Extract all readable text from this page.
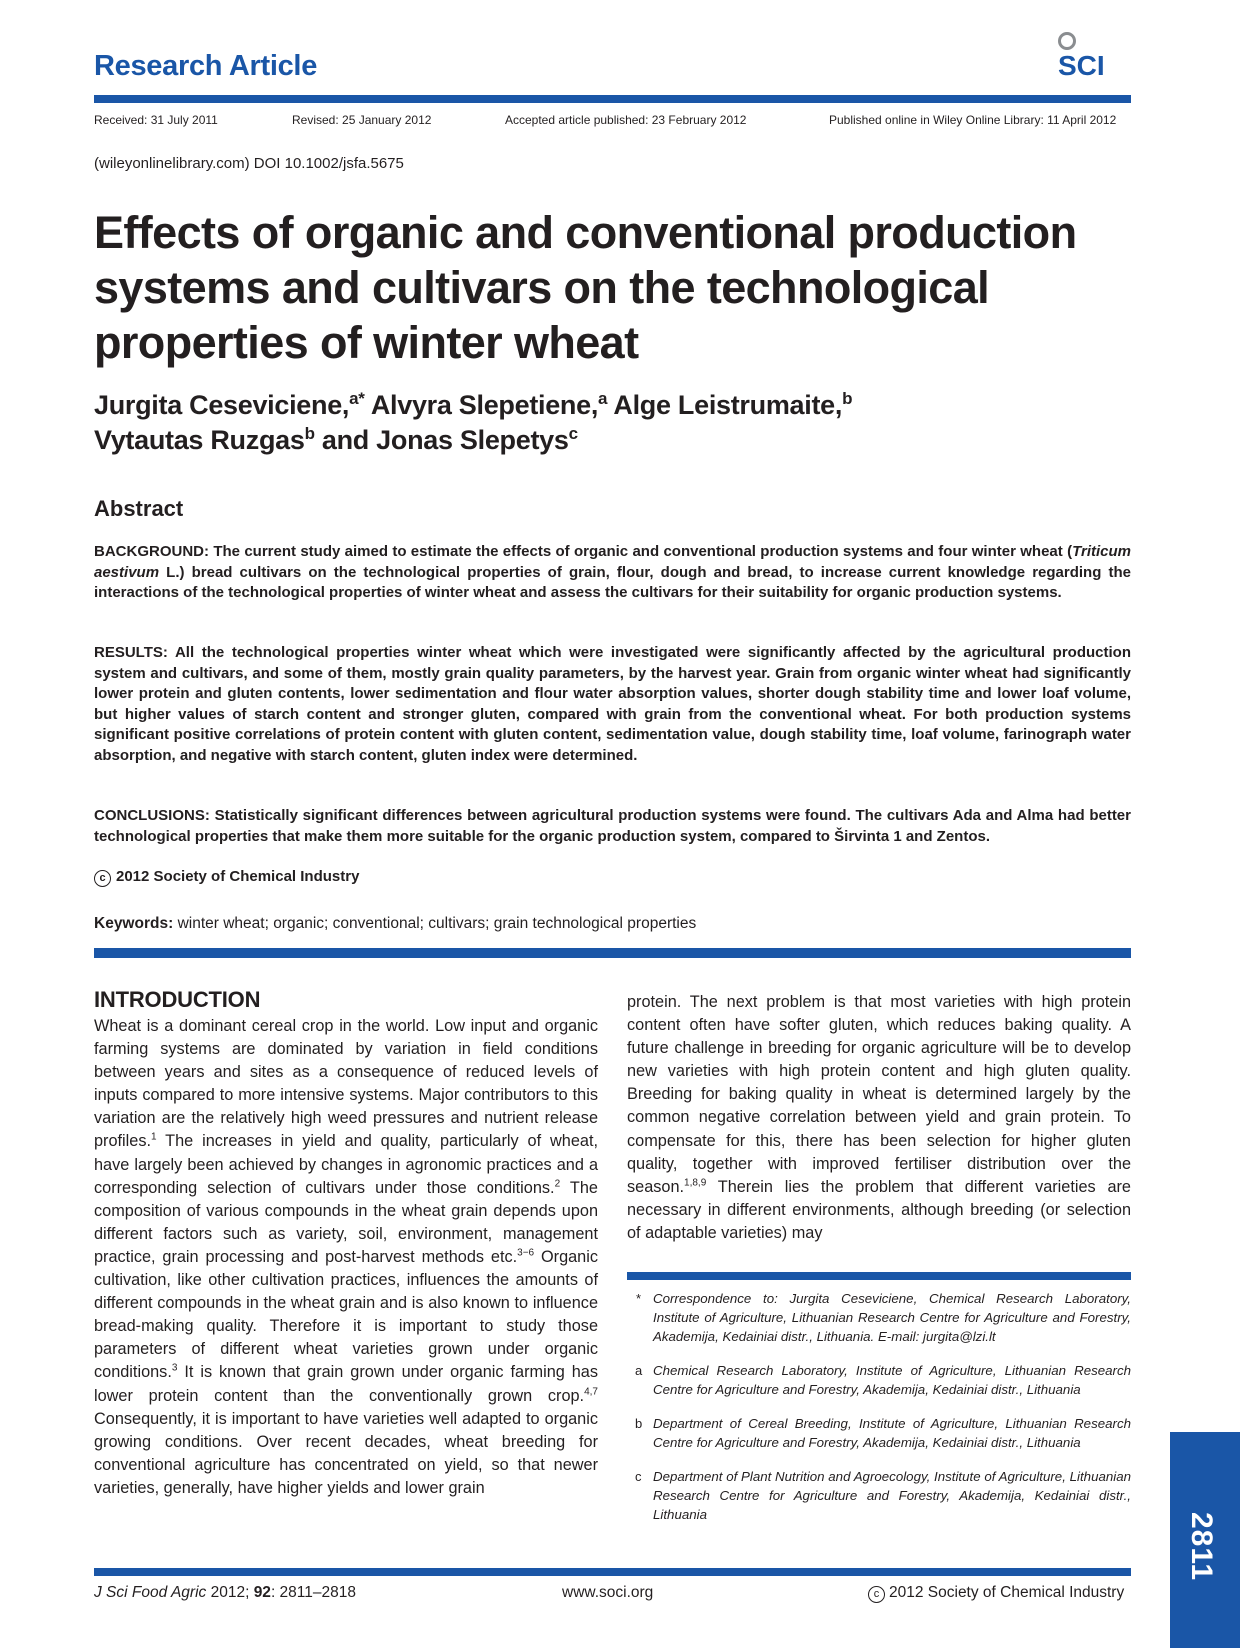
Research Article	SCI
Received: 31 July 2011	Revised: 25 January 2012	Accepted article published: 23 February 2012	Published online in Wiley Online Library: 11 April 2012
(wileyonlinelibrary.com) DOI 10.1002/jsfa.5675
Effects of organic and conventional production systems and cultivars on the technological properties of winter wheat
Jurgita Ceseviciene,$^{a*}$ Alvyra Slepetiene,$^a$ Alge Leistrumaite,$^b$
Vytautas Ruzgas$^b$ and Jonas Slepetys$^c$
Abstract
BACKGROUND: The current study aimed to estimate the effects of organic and conventional production systems and four winter wheat (Triticum aestivum L.) bread cultivars on the technological properties of grain, flour, dough and bread, to increase current knowledge regarding the interactions of the technological properties of winter wheat and assess the cultivars for their suitability for organic production systems.
RESULTS: All the technological properties winter wheat which were investigated were significantly affected by the agricultural production system and cultivars, and some of them, mostly grain quality parameters, by the harvest year. Grain from organic winter wheat had significantly lower protein and gluten contents, lower sedimentation and flour water absorption values, shorter dough stability time and lower loaf volume, but higher values of starch content and stronger gluten, compared with grain from the conventional wheat. For both production systems significant positive correlations of protein content with gluten content, sedimentation value, dough stability time, loaf volume, farinograph water absorption, and negative with starch content, gluten index were determined.
CONCLUSIONS: Statistically significant differences between agricultural production systems were found. The cultivars Ada and Alma had better technological properties that make them more suitable for the organic production system, compared to Širvinta 1 and Zentos.
c 2012 Society of Chemical Industry
Keywords: winter wheat; organic; conventional; cultivars; grain technological properties
INTRODUCTION
Wheat is a dominant cereal crop in the world. Low input and organic farming systems are dominated by variation in field conditions between years and sites as a consequence of reduced levels of inputs compared to more intensive systems. Major contributors to this variation are the relatively high weed pressures and nutrient release profiles.$^1$ The increases in yield and quality, particularly of wheat, have largely been achieved by changes in agronomic practices and a corresponding selection of cultivars under those conditions.$^2$ The composition of various compounds in the wheat grain depends upon different factors such as variety, soil, environment, management practice, grain processing and post-harvest methods etc.$^{3-6}$ Organic cultivation, like other cultivation practices, influences the amounts of different compounds in the wheat grain and is also known to influence bread-making quality. Therefore it is important to study those parameters of different wheat varieties grown under organic conditions.$^3$ It is known that grain grown under organic farming has lower protein content than the conventionally grown crop.$^{4,7}$ Consequently, it is important to have varieties well adapted to organic growing conditions. Over recent decades, wheat breeding for conventional agriculture has concentrated on yield, so that newer varieties, generally, have higher yields and lower grain
protein. The next problem is that most varieties with high protein content often have softer gluten, which reduces baking quality. A future challenge in breeding for organic agriculture will be to develop new varieties with high protein content and high gluten quality. Breeding for baking quality in wheat is determined largely by the common negative correlation between yield and grain protein. To compensate for this, there has been selection for higher gluten quality, together with improved fertiliser distribution over the season.$^{1,8,9}$ Therein lies the problem that different varieties are necessary in different environments, although breeding (or selection of adaptable varieties) may
* Correspondence to: Jurgita Ceseviciene, Chemical Research Laboratory, Institute of Agriculture, Lithuanian Research Centre for Agriculture and Forestry, Akademija, Kedainiai distr., Lithuania. E-mail: jurgita@lzi.lt
a Chemical Research Laboratory, Institute of Agriculture, Lithuanian Research Centre for Agriculture and Forestry, Akademija, Kedainiai distr., Lithuania
b Department of Cereal Breeding, Institute of Agriculture, Lithuanian Research Centre for Agriculture and Forestry, Akademija, Kedainiai distr., Lithuania
c Department of Plant Nutrition and Agroecology, Institute of Agriculture, Lithuanian Research Centre for Agriculture and Forestry, Akademija, Kedainiai distr., Lithuania	2811
J Sci Food Agric 2012; 92: 2811–2818	www.soci.org	c 2012 Society of Chemical Industry
